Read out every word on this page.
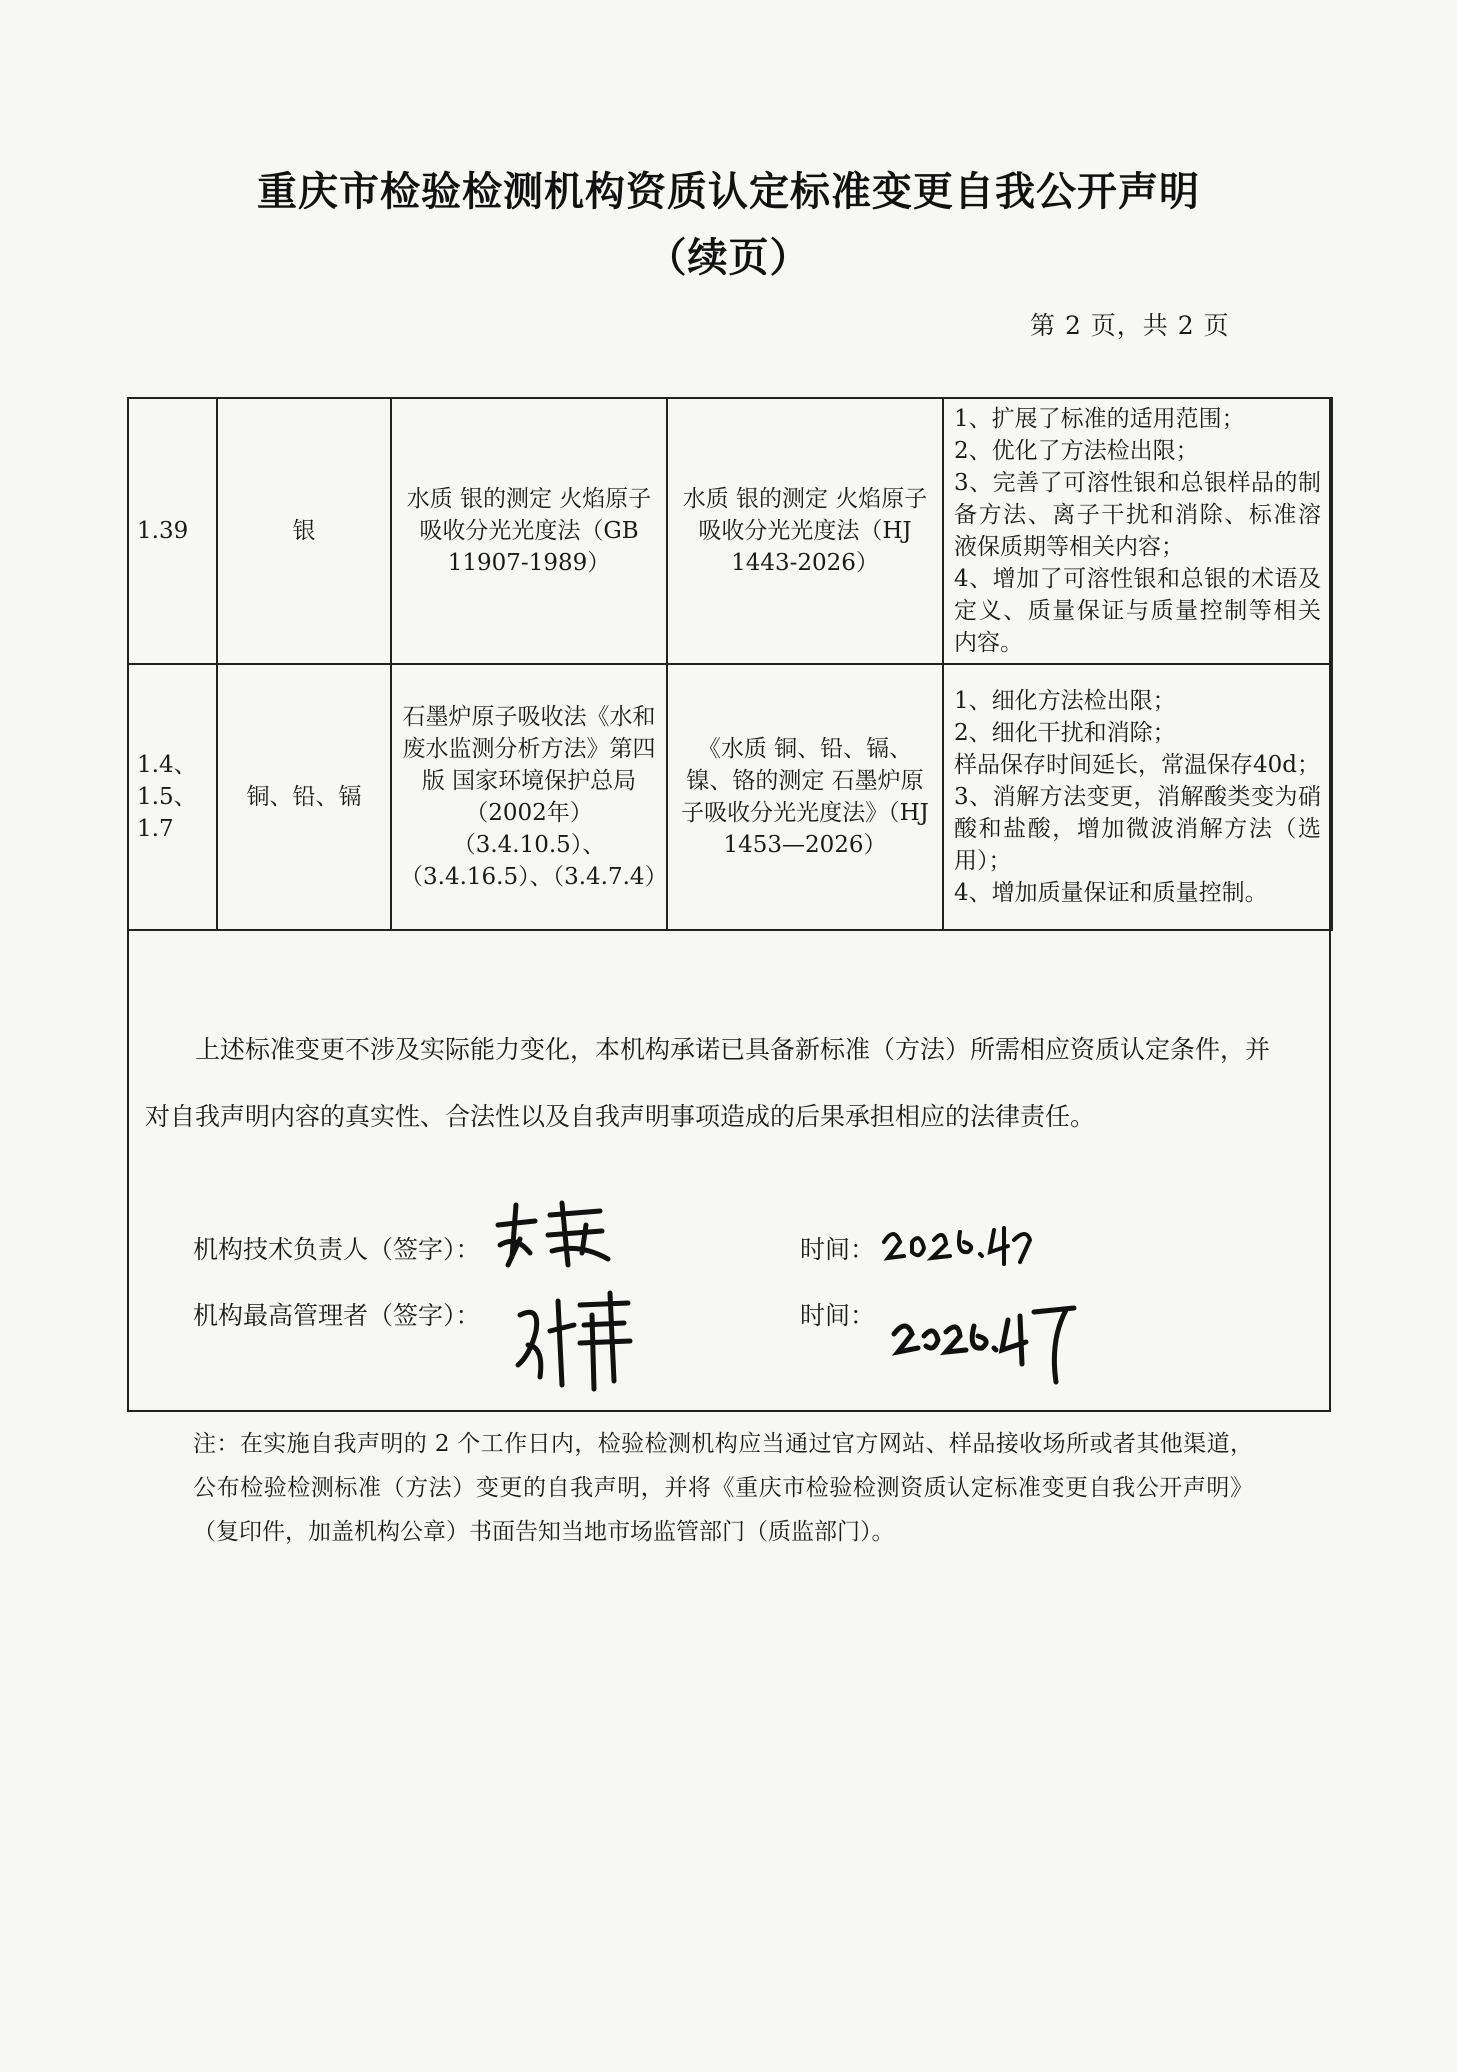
重庆市检验检测机构资质认定标准变更自我公开声明
（续页）
第 2 页，共 2 页
1.39	银	水质 银的测定 火焰原子吸收分光光度法（GB 11907-1989）	水质 银的测定 火焰原子吸收分光光度法（HJ 1443-2026）	1、扩展了标准的适用范围；
2、优化了方法检出限；
3、完善了可溶性银和总银样品的制备方法、离子干扰和消除、标准溶液保质期等相关内容；
4、增加了可溶性银和总银的术语及定义、质量保证与质量控制等相关内容。

1.4、1.5、1.7	铜、铅、镉	石墨炉原子吸收法《水和废水监测分析方法》第四版 国家环境保护总局（2002年）（3.4.10.5）、（3.4.16.5）、（3.4.7.4）	《水质 铜、铅、镉、镍、铬的测定 石墨炉原子吸收分光光度法》（HJ 1453—2026）	1、细化方法检出限；
2、细化干扰和消除；
样品保存时间延长，常温保存40d；
3、消解方法变更，消解酸类变为硝酸和盐酸，增加微波消解方法（选用）；
4、增加质量保证和质量控制。
上述标准变更不涉及实际能力变化，本机构承诺已具备新标准（方法）所需相应资质认定条件，并
对自我声明内容的真实性、合法性以及自我声明事项造成的后果承担相应的法律责任。
机构技术负责人（签字）：
机构最高管理者（签字）：
时间：
时间：
注：在实施自我声明的 2 个工作日内，检验检测机构应当通过官方网站、样品接收场所或者其他渠道，公布检验检测标准（方法）变更的自我声明，并将《重庆市检验检测资质认定标准变更自我公开声明》（复印件，加盖机构公章）书面告知当地市场监管部门（质监部门）。
